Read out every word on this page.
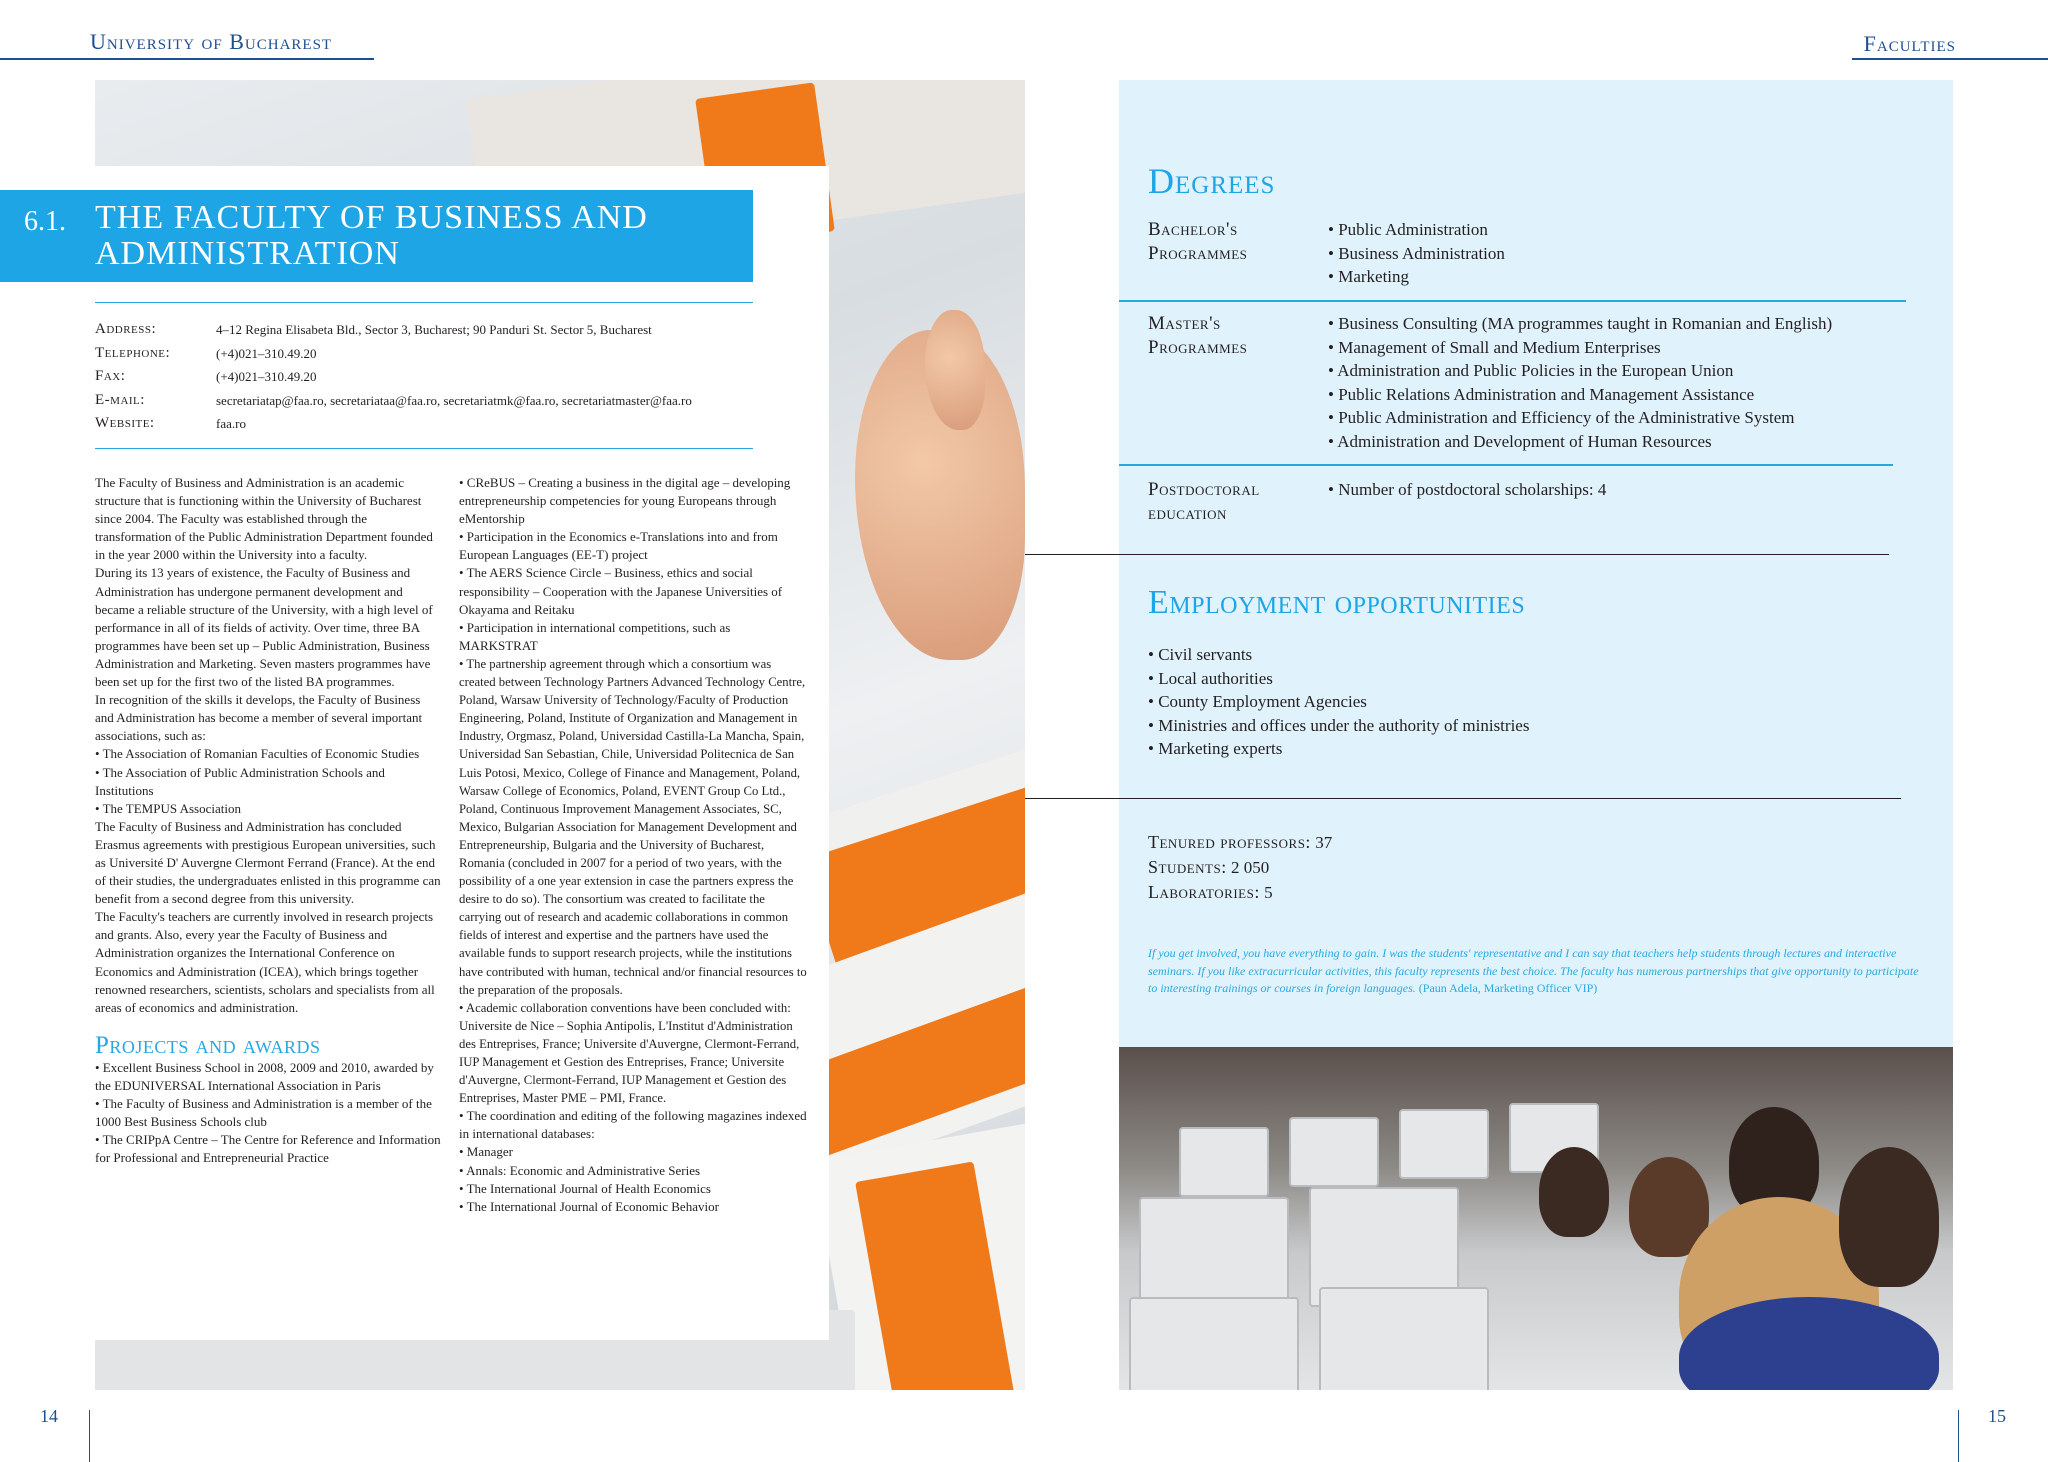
University of Bucharest	Faculties
6.1. THE FACULTY OF BUSINESS AND ADMINISTRATION
Address:	4–12 Regina Elisabeta Bld., Sector 3, Bucharest; 90 Panduri St. Sector 5, Bucharest
Telephone:	(+4)021–310.49.20
Fax:	(+4)021–310.49.20
E-mail:	secretariatap@faa.ro, secretariataa@faa.ro, secretariatmk@faa.ro, secretariatmaster@faa.ro
Website:	faa.ro

The Faculty of Business and Administration is an academic structure that is functioning within the University of Bucharest since 2004. The Faculty was established through the transformation of the Public Administration Department founded in the year 2000 within the University into a faculty.

During its 13 years of existence, the Faculty of Business and Administration has undergone permanent development and became a reliable structure of the University, with a high level of performance in all of its fields of activity. Over time, three BA programmes have been set up – Public Administration, Business Administration and Marketing. Seven masters programmes have been set up for the first two of the listed BA programmes.

In recognition of the skills it develops, the Faculty of Business and Administration has become a member of several important associations, such as:

• The Association of Romanian Faculties of Economic Studies

• The Association of Public Administration Schools and Institutions

• The TEMPUS Association

The Faculty of Business and Administration has concluded Erasmus agreements with prestigious European universities, such as Université D' Auvergne Clermont Ferrand (France). At the end of their studies, the undergraduates enlisted in this programme can benefit from a second degree from this university.

The Faculty's teachers are currently involved in research projects and grants. Also, every year the Faculty of Business and Administration organizes the International Conference on Economics and Administration (ICEA), which brings together renowned researchers, scientists, scholars and specialists from all areas of economics and administration.

Projects and awards

• Excellent Business School in 2008, 2009 and 2010, awarded by the EDUNIVERSAL International Association in Paris

• The Faculty of Business and Administration is a member of the 1000 Best Business Schools club

• The CRIPpA Centre – The Centre for Reference and Information for Professional and Entrepreneurial Practice

• CReBUS – Creating a business in the digital age – developing entrepreneurship competencies for young Europeans through eMentorship

• Participation in the Economics e-Translations into and from European Languages (EE-T) project

• The AERS Science Circle – Business, ethics and social responsibility – Cooperation with the Japanese Universities of Okayama and Reitaku

• Participation in international competitions, such as MARKSTRAT

• The partnership agreement through which a consortium was created between Technology Partners Advanced Technology Centre, Poland, Warsaw University of Technology/Faculty of Production Engineering, Poland, Institute of Organization and Management in Industry, Orgmasz, Poland, Universidad Castilla-La Mancha, Spain, Universidad San Sebastian, Chile, Universidad Politecnica de San Luis Potosi, Mexico, College of Finance and Management, Poland, Warsaw College of Economics, Poland, EVENT Group Co Ltd., Poland, Continuous Improvement Management Associates, SC, Mexico, Bulgarian Association for Management Development and Entrepreneurship, Bulgaria and the University of Bucharest, Romania (concluded in 2007 for a period of two years, with the possibility of a one year extension in case the partners express the desire to do so). The consortium was created to facilitate the carrying out of research and academic collaborations in common fields of interest and expertise and the partners have used the available funds to support research projects, while the institutions have contributed with human, technical and/or financial resources to the preparation of the proposals.

• Academic collaboration conventions have been concluded with: Universite de Nice – Sophia Antipolis, L'Institut d'Administration des Entreprises, France; Universite d'Auvergne, Clermont-Ferrand, IUP Management et Gestion des Entreprises, France; Universite d'Auvergne, Clermont-Ferrand, IUP Management et Gestion des Entreprises, Master PME – PMI, France.

• The coordination and editing of the following magazines indexed in international databases:

• Manager

• Annals: Economic and Administrative Series

• The International Journal of Health Economics

• The International Journal of Economic Behavior

Degrees
Bachelor's
Programmes
• Public Administration
• Business Administration
• Marketing
Master's
Programmes
• Business Consulting (MA programmes taught in Romanian and English)
• Management of Small and Medium Enterprises
• Administration and Public Policies in the European Union
• Public Relations Administration and Management Assistance
• Public Administration and Efficiency of the Administrative System
• Administration and Development of Human Resources
Postdoctoral
education
• Number of postdoctoral scholarships: 4
Employment opportunities
• Civil servants
• Local authorities
• County Employment Agencies
• Ministries and offices under the authority of ministries
• Marketing experts
Tenured professors: 37
Students: 2 050
Laboratories: 5
If you get involved, you have everything to gain. I was the students' representative and I can say that teachers help students through lectures and interactive seminars. If you like extracurricular activities, this faculty represents the best choice. The faculty has numerous partnerships that give opportunity to participate to interesting trainings or courses in foreign languages. (Paun Adela, Marketing Officer VIP)
14	15
